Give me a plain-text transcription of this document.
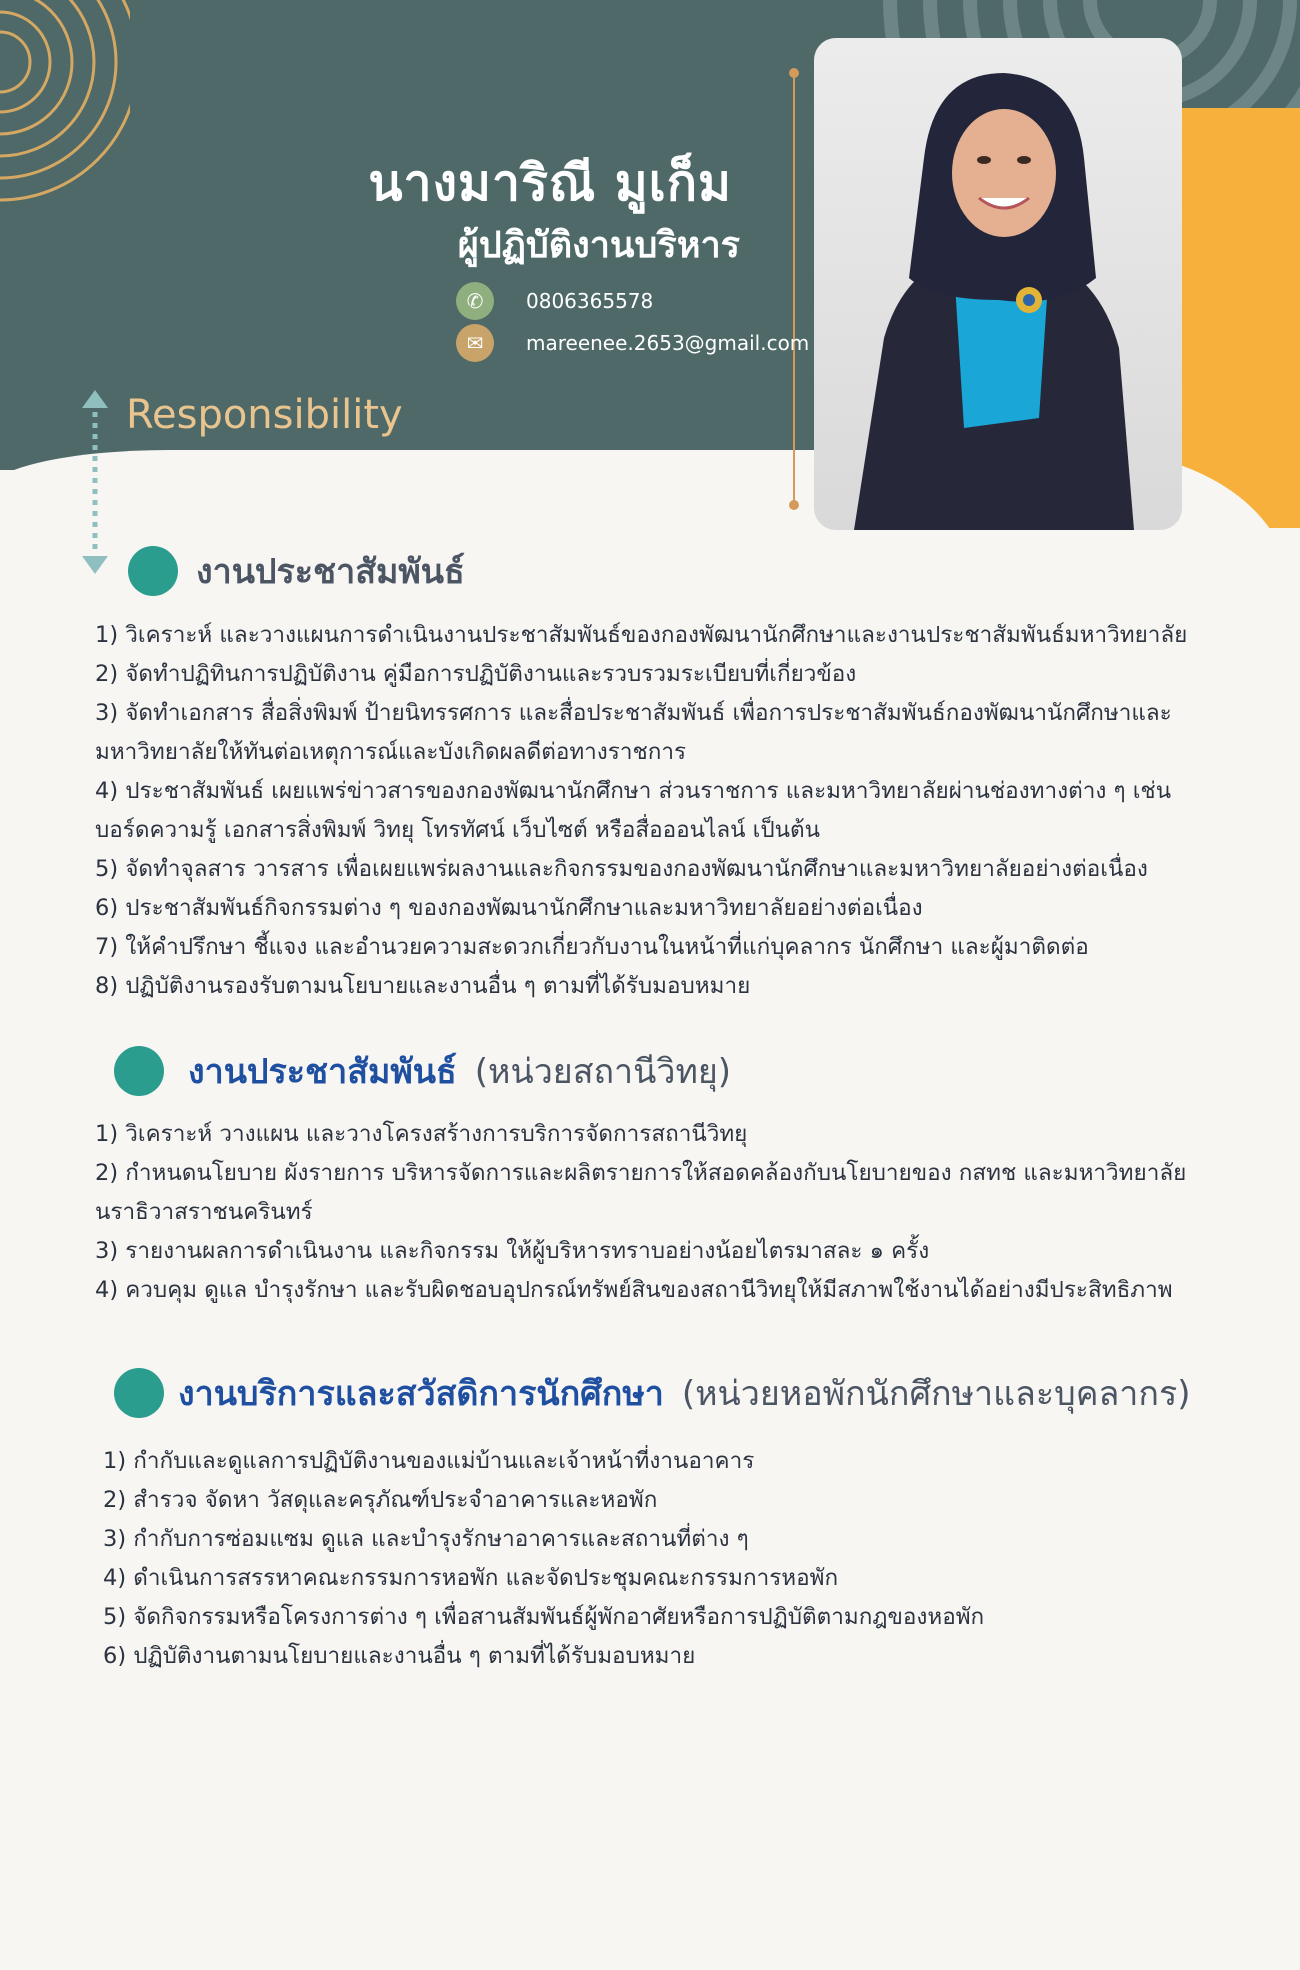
นางมาริณี มูเก็ม
ผู้ปฏิบัติงานบริหาร
✆	0806365578
✉	mareenee.2653@gmail.com
Responsibility
งานประชาสัมพันธ์
1) วิเคราะห์ และวางแผนการดำเนินงานประชาสัมพันธ์ของกองพัฒนานักศึกษาและงานประชาสัมพันธ์มหาวิทยาลัย
2) จัดทำปฏิทินการปฏิบัติงาน คู่มือการปฏิบัติงานและรวบรวมระเบียบที่เกี่ยวข้อง
3) จัดทำเอกสาร สื่อสิ่งพิมพ์ ป้ายนิทรรศการ และสื่อประชาสัมพันธ์ เพื่อการประชาสัมพันธ์กองพัฒนานักศึกษาและ
มหาวิทยาลัยให้ทันต่อเหตุการณ์และบังเกิดผลดีต่อทางราชการ
4) ประชาสัมพันธ์ เผยแพร่ข่าวสารของกองพัฒนานักศึกษา ส่วนราชการ และมหาวิทยาลัยผ่านช่องทางต่าง ๆ เช่น
บอร์ดความรู้ เอกสารสิ่งพิมพ์ วิทยุ โทรทัศน์ เว็บไซต์ หรือสื่อออนไลน์ เป็นต้น
5) จัดทำจุลสาร วารสาร เพื่อเผยแพร่ผลงานและกิจกรรมของกองพัฒนานักศึกษาและมหาวิทยาลัยอย่างต่อเนื่อง
6) ประชาสัมพันธ์กิจกรรมต่าง ๆ ของกองพัฒนานักศึกษาและมหาวิทยาลัยอย่างต่อเนื่อง
7) ให้คำปรึกษา ชี้แจง และอำนวยความสะดวกเกี่ยวกับงานในหน้าที่แก่บุคลากร นักศึกษา และผู้มาติดต่อ
8) ปฏิบัติงานรองรับตามนโยบายและงานอื่น ๆ ตามที่ได้รับมอบหมาย
งานประชาสัมพันธ์ (หน่วยสถานีวิทยุ)
1) วิเคราะห์ วางแผน และวางโครงสร้างการบริการจัดการสถานีวิทยุ
2) กำหนดนโยบาย ผังรายการ บริหารจัดการและผลิตรายการให้สอดคล้องกับนโยบายของ กสทช และมหาวิทยาลัย
นราธิวาสราชนครินทร์
3) รายงานผลการดำเนินงาน และกิจกรรม ให้ผู้บริหารทราบอย่างน้อยไตรมาสละ ๑ ครั้ง
4) ควบคุม ดูแล บำรุงรักษา และรับผิดชอบอุปกรณ์ทรัพย์สินของสถานีวิทยุให้มีสภาพใช้งานได้อย่างมีประสิทธิภาพ
งานบริการและสวัสดิการนักศึกษา (หน่วยหอพักนักศึกษาและบุคลากร)
1) กำกับและดูแลการปฏิบัติงานของแม่บ้านและเจ้าหน้าที่งานอาคาร
2) สำรวจ จัดหา วัสดุและครุภัณฑ์ประจำอาคารและหอพัก
3) กำกับการซ่อมแซม ดูแล และบำรุงรักษาอาคารและสถานที่ต่าง ๆ
4) ดำเนินการสรรหาคณะกรรมการหอพัก และจัดประชุมคณะกรรมการหอพัก
5) จัดกิจกรรมหรือโครงการต่าง ๆ เพื่อสานสัมพันธ์ผู้พักอาศัยหรือการปฏิบัติตามกฎของหอพัก
6) ปฏิบัติงานตามนโยบายและงานอื่น ๆ ตามที่ได้รับมอบหมาย
